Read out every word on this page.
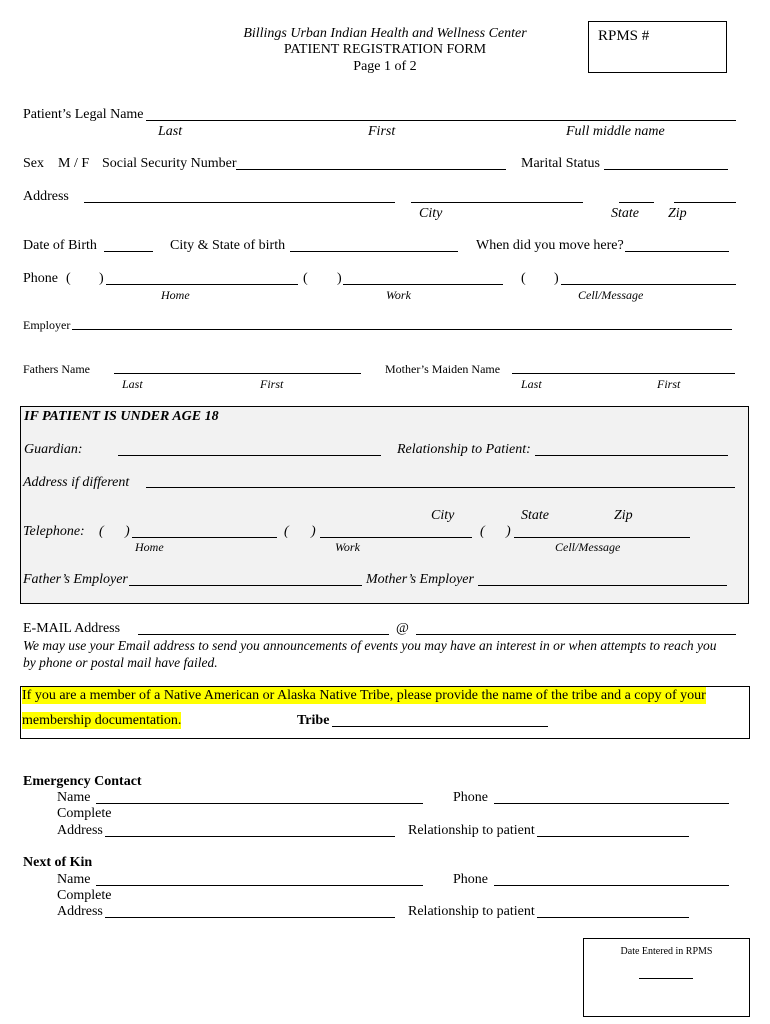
Billings Urban Indian Health and Wellness Center
PATIENT REGISTRATION FORM
Page 1 of 2
RPMS #
Patient’s Legal Name
Last	First	Full middle name
Sex M / F Social Security Number	Marital Status
Address
City	State Zip
Date of Birth	City & State of birth	When did you move here?
Phone ( )	( )	( )
Home	Work	Cell/Message
Employer
Fathers Name	Mother’s Maiden Name
Last	First	Last	First
IF PATIENT IS UNDER AGE 18
Guardian:	Relationship to Patient:
Address if different
City	State	Zip
Telephone: ( )	( )	( )
Home	Work	Cell/Message
Father’s Employer	Mother’s Employer
E-MAIL Address	@
We may use your Email address to send you announcements of events you may have an interest in or when attempts to reach you
by phone or postal mail have failed.
If you are a member of a Native American or Alaska Native Tribe, please provide the name of the tribe and a copy of your
membership documentation.	Tribe
Emergency Contact
Name	Phone
Complete
Address	Relationship to patient
Next of Kin
Name	Phone
Complete
Address	Relationship to patient
Date Entered in RPMS
